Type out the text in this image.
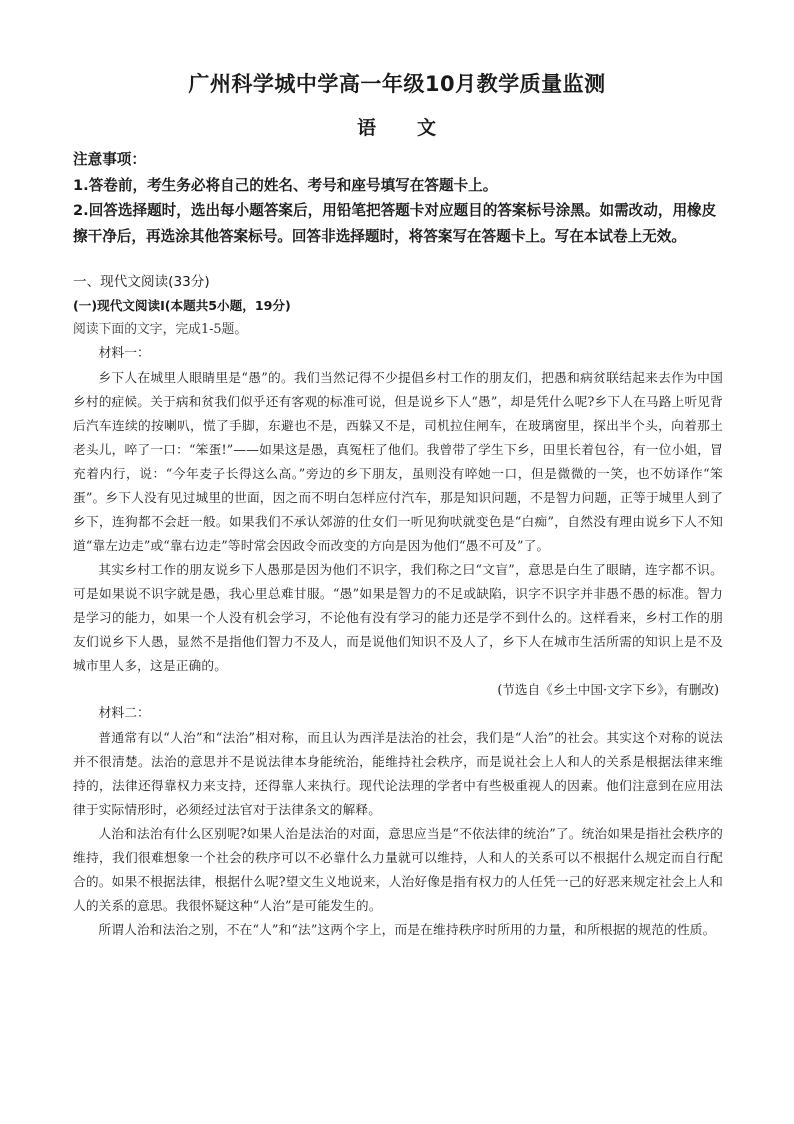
广州科学城中学高一年级10月教学质量监测
语　　文

注意事项：

1.答卷前，考生务必将自己的姓名、考号和座号填写在答题卡上。

2.回答选择题时，选出每小题答案后，用铅笔把答题卡对应题目的答案标号涂黑。如需改动，用橡皮擦干净后，再选涂其他答案标号。回答非选择题时，将答案写在答题卡上。写在本试卷上无效。

一、现代文阅读(33分)

(一)现代文阅读Ⅰ(本题共5小题，19分)

阅读下面的文字，完成1-5题。

材料一：

乡下人在城里人眼睛里是“愚”的。我们当然记得不少提倡乡村工作的朋友们，把愚和病贫联结起来去作为中国乡村的症候。关于病和贫我们似乎还有客观的标准可说，但是说乡下人“愚”，却是凭什么呢?乡下人在马路上听见背后汽车连续的按喇叭，慌了手脚，东避也不是，西躲又不是，司机拉住闸车，在玻璃窗里，探出半个头，向着那土老头儿，啐了一口：“笨蛋!”——如果这是愚，真冤枉了他们。我曾带了学生下乡，田里长着包谷，有一位小姐，冒充着内行，说：“今年麦子长得这么高。”旁边的乡下朋友，虽则没有啐她一口，但是微微的一笑，也不妨译作“笨蛋”。乡下人没有见过城里的世面，因之而不明白怎样应付汽车，那是知识问题，不是智力问题，正等于城里人到了乡下，连狗都不会赶一般。如果我们不承认郊游的仕女们一听见狗吠就变色是“白痴”，自然没有理由说乡下人不知道“靠左边走”或“靠右边走”等时常会因政令而改变的方向是因为他们“愚不可及”了。

其实乡村工作的朋友说乡下人愚那是因为他们不识字，我们称之曰“文盲”，意思是白生了眼睛，连字都不识。可是如果说不识字就是愚，我心里总难甘服。“愚”如果是智力的不足或缺陷，识字不识字并非愚不愚的标准。智力是学习的能力，如果一个人没有机会学习，不论他有没有学习的能力还是学不到什么的。这样看来，乡村工作的朋友们说乡下人愚，显然不是指他们智力不及人，而是说他们知识不及人了，乡下人在城市生活所需的知识上是不及城市里人多，这是正确的。

(节选自《乡土中国·文字下乡》，有删改)

材料二：

普通常有以“人治”和“法治”相对称，而且认为西洋是法治的社会，我们是“人治”的社会。其实这个对称的说法并不很清楚。法治的意思并不是说法律本身能统治，能维持社会秩序，而是说社会上人和人的关系是根据法律来维持的，法律还得靠权力来支持，还得靠人来执行。现代论法理的学者中有些极重视人的因素。他们注意到在应用法律于实际情形时，必须经过法官对于法律条文的解释。

人治和法治有什么区别呢?如果人治是法治的对面，意思应当是“不依法律的统治”了。统治如果是指社会秩序的维持，我们很难想象一个社会的秩序可以不必靠什么力量就可以维持，人和人的关系可以不根据什么规定而自行配合的。如果不根据法律，根据什么呢?望文生义地说来，人治好像是指有权力的人任凭一己的好恶来规定社会上人和人的关系的意思。我很怀疑这种“人治”是可能发生的。

所谓人治和法治之别，不在“人”和“法”这两个字上，而是在维持秩序时所用的力量，和所根据的规范的性质。
